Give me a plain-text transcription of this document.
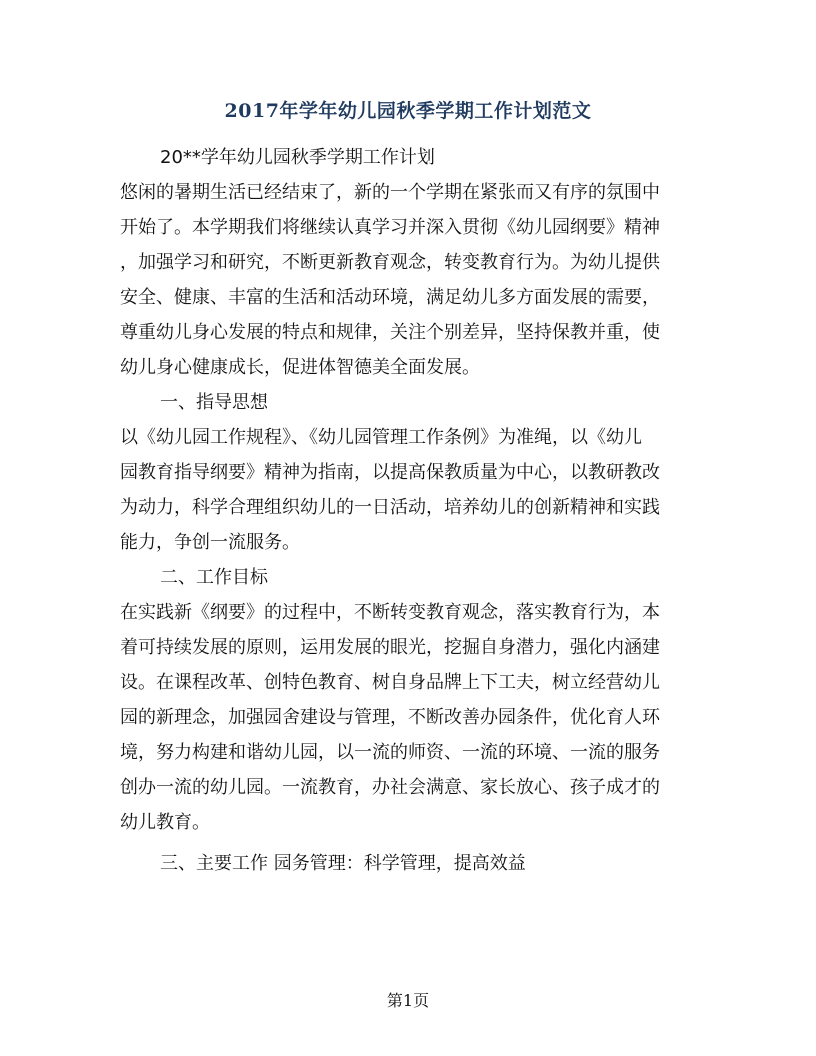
2017年学年幼儿园秋季学期工作计划范文
20**学年幼儿园秋季学期工作计划
悠闲的暑期生活已经结束了，新的一个学期在紧张而又有序的氛围中
开始了。本学期我们将继续认真学习并深入贯彻《幼儿园纲要》精神
，加强学习和研究，不断更新教育观念，转变教育行为。为幼儿提供
安全、健康、丰富的生活和活动环境，满足幼儿多方面发展的需要，
尊重幼儿身心发展的特点和规律，关注个别差异，坚持保教并重，使
幼儿身心健康成长，促进体智德美全面发展。
一、指导思想
以《幼儿园工作规程》、《幼儿园管理工作条例》为准绳，以《幼儿
园教育指导纲要》精神为指南，以提高保教质量为中心，以教研教改
为动力，科学合理组织幼儿的一日活动，培养幼儿的创新精神和实践
能力，争创一流服务。
二、工作目标
在实践新《纲要》的过程中，不断转变教育观念，落实教育行为，本
着可持续发展的原则，运用发展的眼光，挖掘自身潜力，强化内涵建
设。在课程改革、创特色教育、树自身品牌上下工夫，树立经营幼儿
园的新理念，加强园舍建设与管理，不断改善办园条件，优化育人环
境，努力构建和谐幼儿园，以一流的师资、一流的环境、一流的服务
创办一流的幼儿园。一流教育，办社会满意、家长放心、孩子成才的
幼儿教育。
三、主要工作 园务管理：科学管理，提高效益
第1页
